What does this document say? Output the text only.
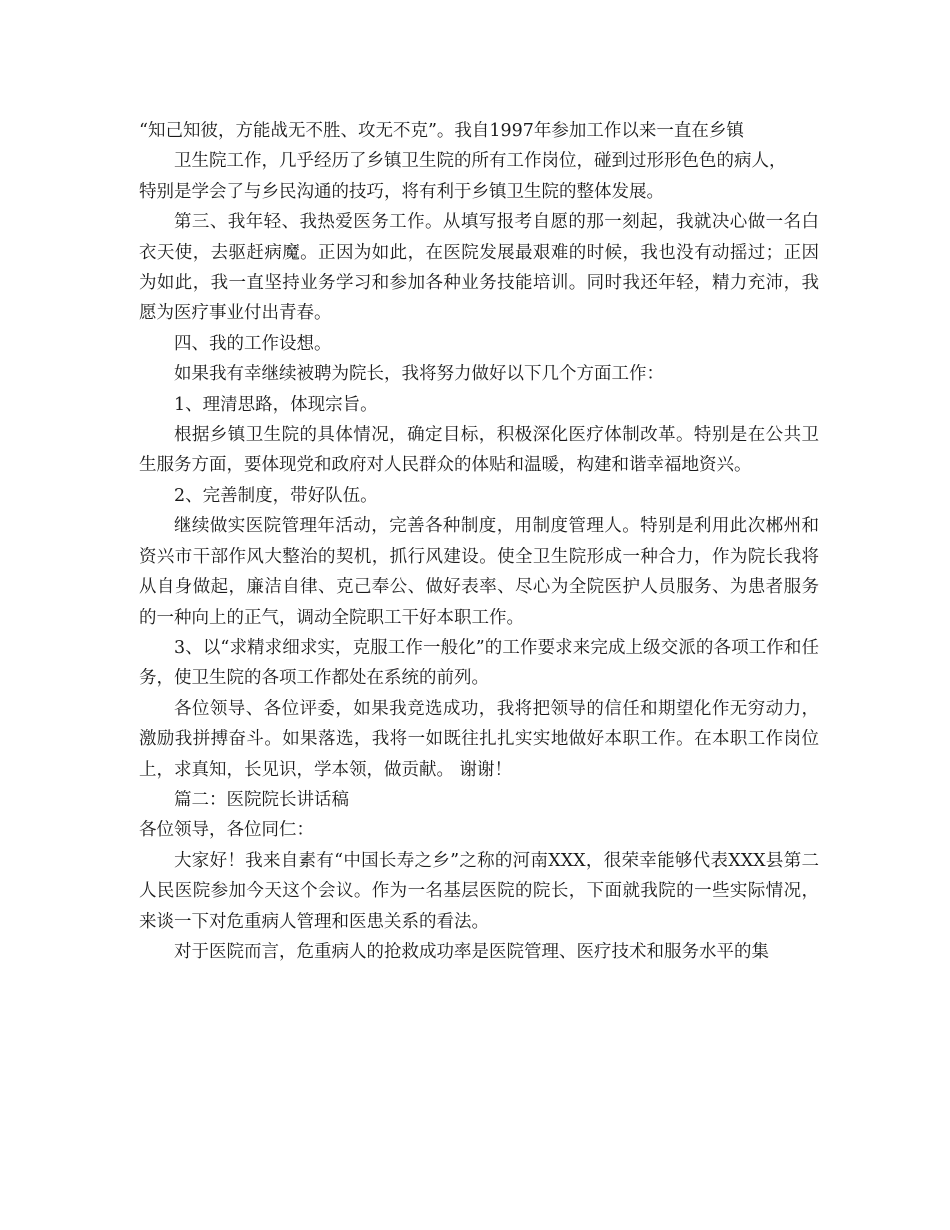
“知己知彼，方能战无不胜、攻无不克”。我自1997年参加工作以来一直在乡镇

卫生院工作，几乎经历了乡镇卫生院的所有工作岗位，碰到过形形色色的病人，

特别是学会了与乡民沟通的技巧，将有利于乡镇卫生院的整体发展。

第三、我年轻、我热爱医务工作。从填写报考自愿的那一刻起，我就决心做一名白衣天使，去驱赶病魔。正因为如此，在医院发展最艰难的时候，我也没有动摇过；正因为如此，我一直坚持业务学习和参加各种业务技能培训。同时我还年轻，精力充沛，我愿为医疗事业付出青春。

四、我的工作设想。

如果我有幸继续被聘为院长，我将努力做好以下几个方面工作：

1、理清思路，体现宗旨。

根据乡镇卫生院的具体情况，确定目标，积极深化医疗体制改革。特别是在公共卫生服务方面，要体现党和政府对人民群众的体贴和温暖，构建和谐幸福地资兴。

2、完善制度，带好队伍。

继续做实医院管理年活动，完善各种制度，用制度管理人。特别是利用此次郴州和资兴市干部作风大整治的契机，抓行风建设。使全卫生院形成一种合力，作为院长我将从自身做起，廉洁自律、克己奉公、做好表率、尽心为全院医护人员服务、为患者服务的一种向上的正气，调动全院职工干好本职工作。

3、以“求精求细求实，克服工作一般化”的工作要求来完成上级交派的各项工作和任务，使卫生院的各项工作都处在系统的前列。

各位领导、各位评委，如果我竞选成功，我将把领导的信任和期望化作无穷动力，激励我拼搏奋斗。如果落选，我将一如既往扎扎实实地做好本职工作。在本职工作岗位上，求真知，长见识，学本领，做贡献。 谢谢！

篇二：医院院长讲话稿

各位领导，各位同仁：

大家好！我来自素有“中国长寿之乡”之称的河南XXX，很荣幸能够代表XXX县第二人民医院参加今天这个会议。作为一名基层医院的院长，下面就我院的一些实际情况，来谈一下对危重病人管理和医患关系的看法。

对于医院而言，危重病人的抢救成功率是医院管理、医疗技术和服务水平的集
